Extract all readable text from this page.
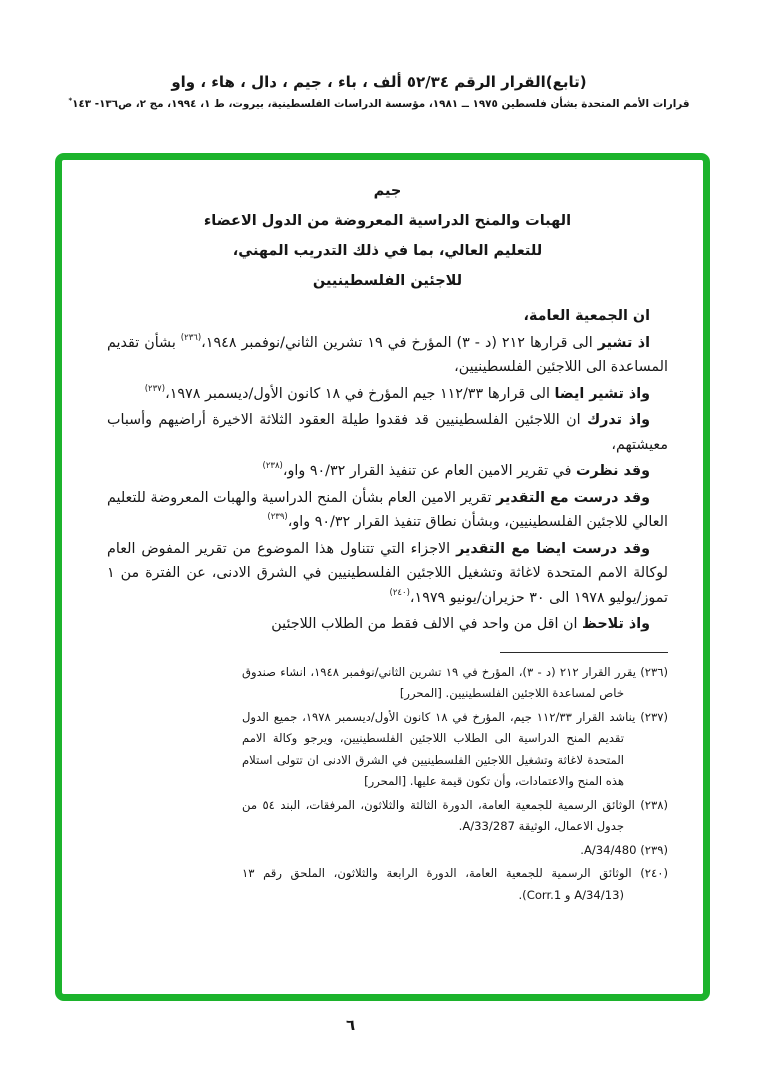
(تابع)القرار الرقم ٥٢/٣٤ ألف ، باء ، جيم ، دال ، هاء ، واو
قرارات الأمم المتحدة بشأن فلسطين ١٩٧٥ ــ ١٩٨١، مؤسسة الدراسات الفلسطينية، بيروت، ط ١، ١٩٩٤، مج ٢، ص١٣٦- ١٤٣*
جيم
الهبات والمنح الدراسية المعروضة من الدول الاعضاء
للتعليم العالي، بما في ذلك التدريب المهني،
للاجئين الفلسطينيين

ان الجمعية العامة،

اذ تشير الى قرارها ٢١٢ (د - ٣) المؤرخ في ١٩ تشرين الثاني/نوفمبر ١٩٤٨،$^{(٢٣٦)}$ بشأن تقديم المساعدة الى اللاجئين الفلسطينيين،

واذ تشير ايضا الى قرارها ١١٢/٣٣ جيم المؤرخ في ١٨ كانون الأول/ديسمبر ١٩٧٨،$^{(٢٣٧)}$

واذ تدرك ان اللاجئين الفلسطينيين قد فقدوا طيلة العقود الثلاثة الاخيرة أراضيهم وأسباب معيشتهم،

وقد نظرت في تقرير الامين العام عن تنفيذ القرار ٩٠/٣٢ واو،$^{(٢٣٨)}$

وقد درست مع التقدير تقرير الامين العام بشأن المنح الدراسية والهبات المعروضة للتعليم العالي للاجئين الفلسطينيين، وبشأن نطاق تنفيذ القرار ٩٠/٣٢ واو،$^{(٢٣٩)}$

وقد درست ايضا مع التقدير الاجزاء التي تتناول هذا الموضوع من تقرير المفوض العام لوكالة الامم المتحدة لاغاثة وتشغيل اللاجئين الفلسطينيين في الشرق الادنى، عن الفترة من ١ تموز/يوليو ١٩٧٨ الى ٣٠ حزيران/يونيو ١٩٧٩،$^{(٢٤٠)}$

واذ تلاحظ ان اقل من واحد في الالف فقط من الطلاب اللاجئين

(٢٣٦) يقرر القرار ٢١٢ (د - ٣)، المؤرخ في ١٩ تشرين الثاني/نوفمبر ١٩٤٨، انشاء صندوق خاص لمساعدة اللاجئين الفلسطينيين. [المحرر]

(٢٣٧) يناشد القرار ١١٢/٣٣ جيم، المؤرخ في ١٨ كانون الأول/ديسمبر ١٩٧٨، جميع الدول تقديم المنح الدراسية الى الطلاب اللاجئين الفلسطينيين، ويرجو وكالة الامم المتحدة لاغاثة وتشغيل اللاجئين الفلسطينيين في الشرق الادنى ان تتولى استلام هذه المنح والاعتمادات، وأن تكون قيمة عليها. [المحرر]

(٢٣٨) الوثائق الرسمية للجمعية العامة، الدورة الثالثة والثلاثون، المرفقات، البند ٥٤ من جدول الاعمال، الوثيقة A/33/287.

(٢٣٩) A/34/480.

(٢٤٠) الوثائق الرسمية للجمعية العامة، الدورة الرابعة والثلاثون، الملحق رقم ١٣ (A/34/13 و Corr.1).

٦
